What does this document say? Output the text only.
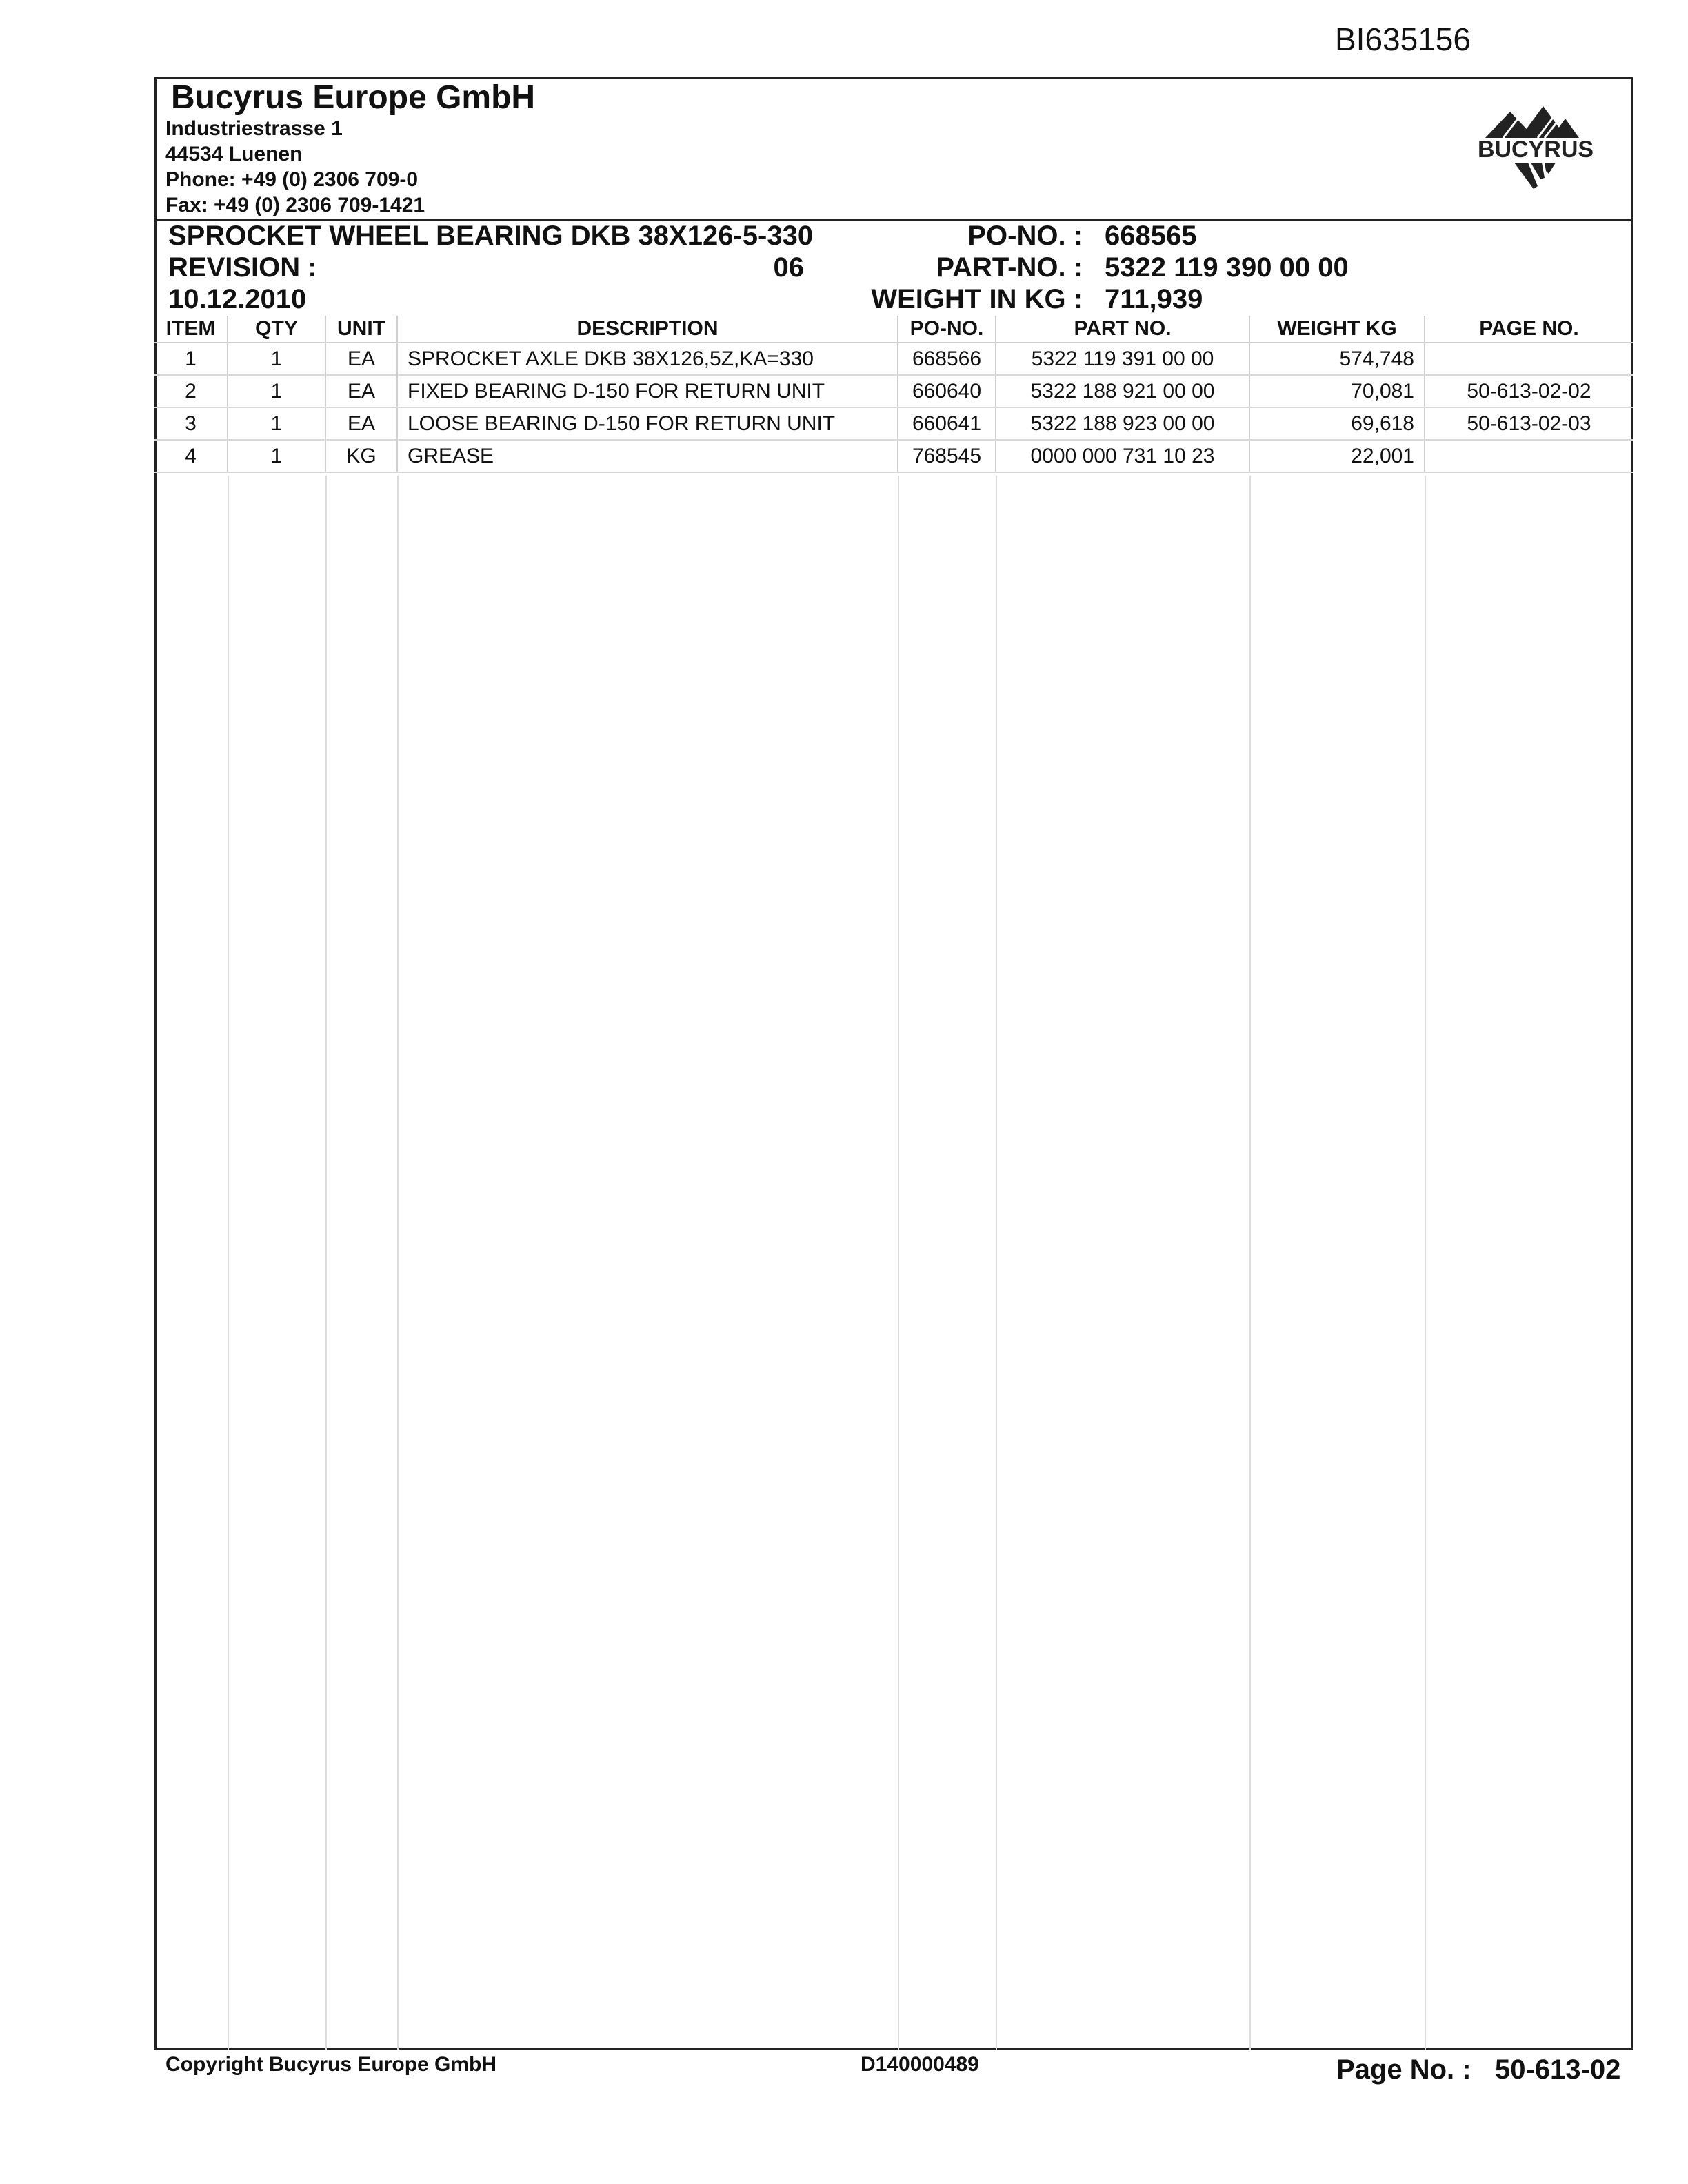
BI635156
Bucyrus Europe GmbH
Industriestrasse 1
44534 Luenen
Phone: +49 (0) 2306 709-0
Fax: +49 (0) 2306 709-1421
BUCYRUS
SPROCKET WHEEL BEARING DKB 38X126-5-330
REVISION :	06
10.12.2010
PO-NO. : 668565
PART-NO. : 5322 119 390 00 00
WEIGHT IN KG : 711,939
ITEM	QTY	UNIT	DESCRIPTION	PO-NO.	PART NO.	WEIGHT KG	PAGE NO.
1	1	EA	SPROCKET AXLE DKB 38X126,5Z,KA=330	668566	5322 119 391 00 00	574,748	
2	1	EA	FIXED BEARING D-150 FOR RETURN UNIT	660640	5322 188 921 00 00	70,081	50-613-02-02
3	1	EA	LOOSE BEARING D-150 FOR RETURN UNIT	660641	5322 188 923 00 00	69,618	50-613-02-03
4	1	KG	GREASE	768545	0000 000 731 10 23	22,001	
Copyright Bucyrus Europe GmbH	D140000489	Page No. : 50-613-02
